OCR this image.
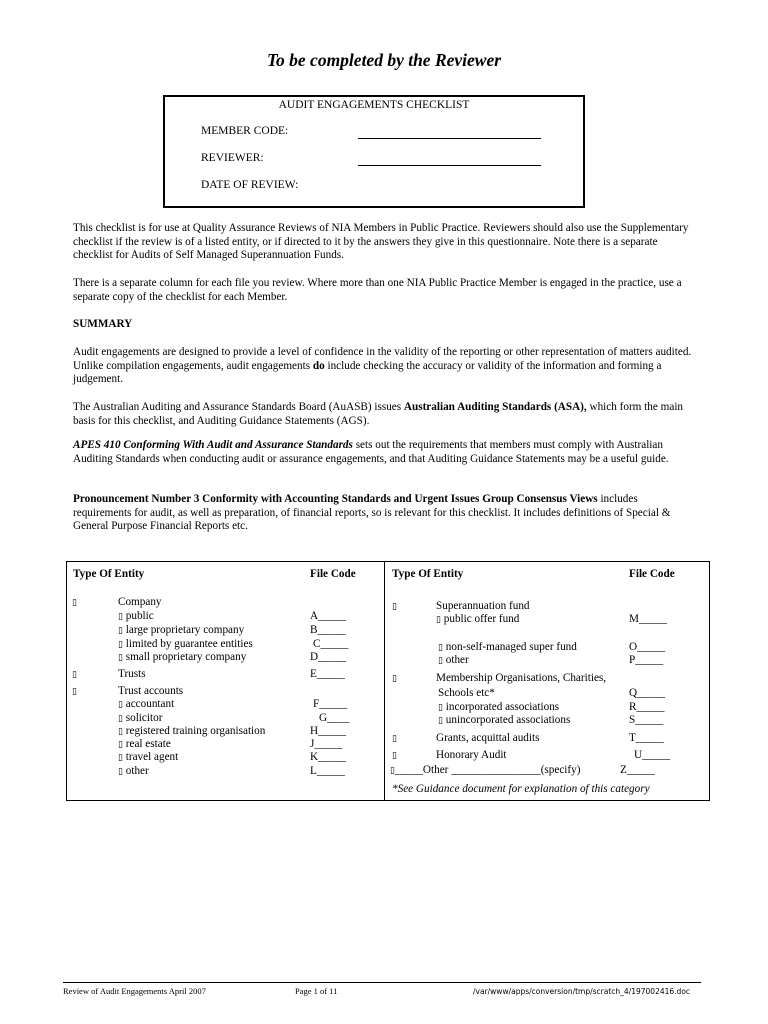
To be completed by the Reviewer
AUDIT ENGAGEMENTS CHECKLIST
MEMBER CODE:
REVIEWER:
DATE OF REVIEW:
This checklist is for use at Quality Assurance Reviews of NIA Members in Public Practice. Reviewers should also use the Supplementary checklist if the review is of a listed entity, or if directed to it by the answers they give in this questionnaire. Note there is a separate checklist for Audits of Self Managed Superannuation Funds.
There is a separate column for each file you review. Where more than one NIA Public Practice Member is engaged in the practice, use a separate copy of the checklist for each Member.
SUMMARY
Audit engagements are designed to provide a level of confidence in the validity of the reporting or other representation of matters audited. Unlike compilation engagements, audit engagements do include checking the accuracy or validity of the information and forming a judgement.
The Australian Auditing and Assurance Standards Board (AuASB) issues Australian Auditing Standards (ASA), which form the main basis for this checklist, and Auditing Guidance Statements (AGS).
APES 410 Conforming With Audit and Assurance Standards sets out the requirements that members must comply with Australian Auditing Standards when conducting audit or assurance engagements, and that Auditing Guidance Statements may be a useful guide.
Pronouncement Number 3 Conformity with Accounting Standards and Urgent Issues Group Consensus Views includes requirements for audit, as well as preparation, of financial reports, so is relevant for this checklist. It includes definitions of Special & General Purpose Financial Reports etc.
Type Of Entity	File Code
▯	Company
▯ public	A_____
▯ large proprietary company	B_____
▯ limited by guarantee entities	C_____
▯ small proprietary company	D_____
▯	Trusts	E_____
▯	Trust accounts
▯ accountant	F_____
▯ solicitor	G____
▯ registered training organisation	H_____
▯ real estate	J_____
▯ travel agent	K_____
▯ other	L_____
Type Of Entity	File Code
▯	Superannuation fund
▯ public offer fund	M_____
▯ non-self-managed super fund	O_____
▯ other	P_____
▯	Membership Organisations, Charities,
Schools etc*	Q_____
▯ incorporated associations	R_____
▯ unincorporated associations	S_____
▯	Grants, acquittal audits	T_____
▯	Honorary Audit	U_____
▯_____Other ________________(specify)	Z_____
*See Guidance document for explanation of this category
Review of Audit Engagements April 2007	Page 1 of 11	/var/www/apps/conversion/tmp/scratch_4/197002416.doc
